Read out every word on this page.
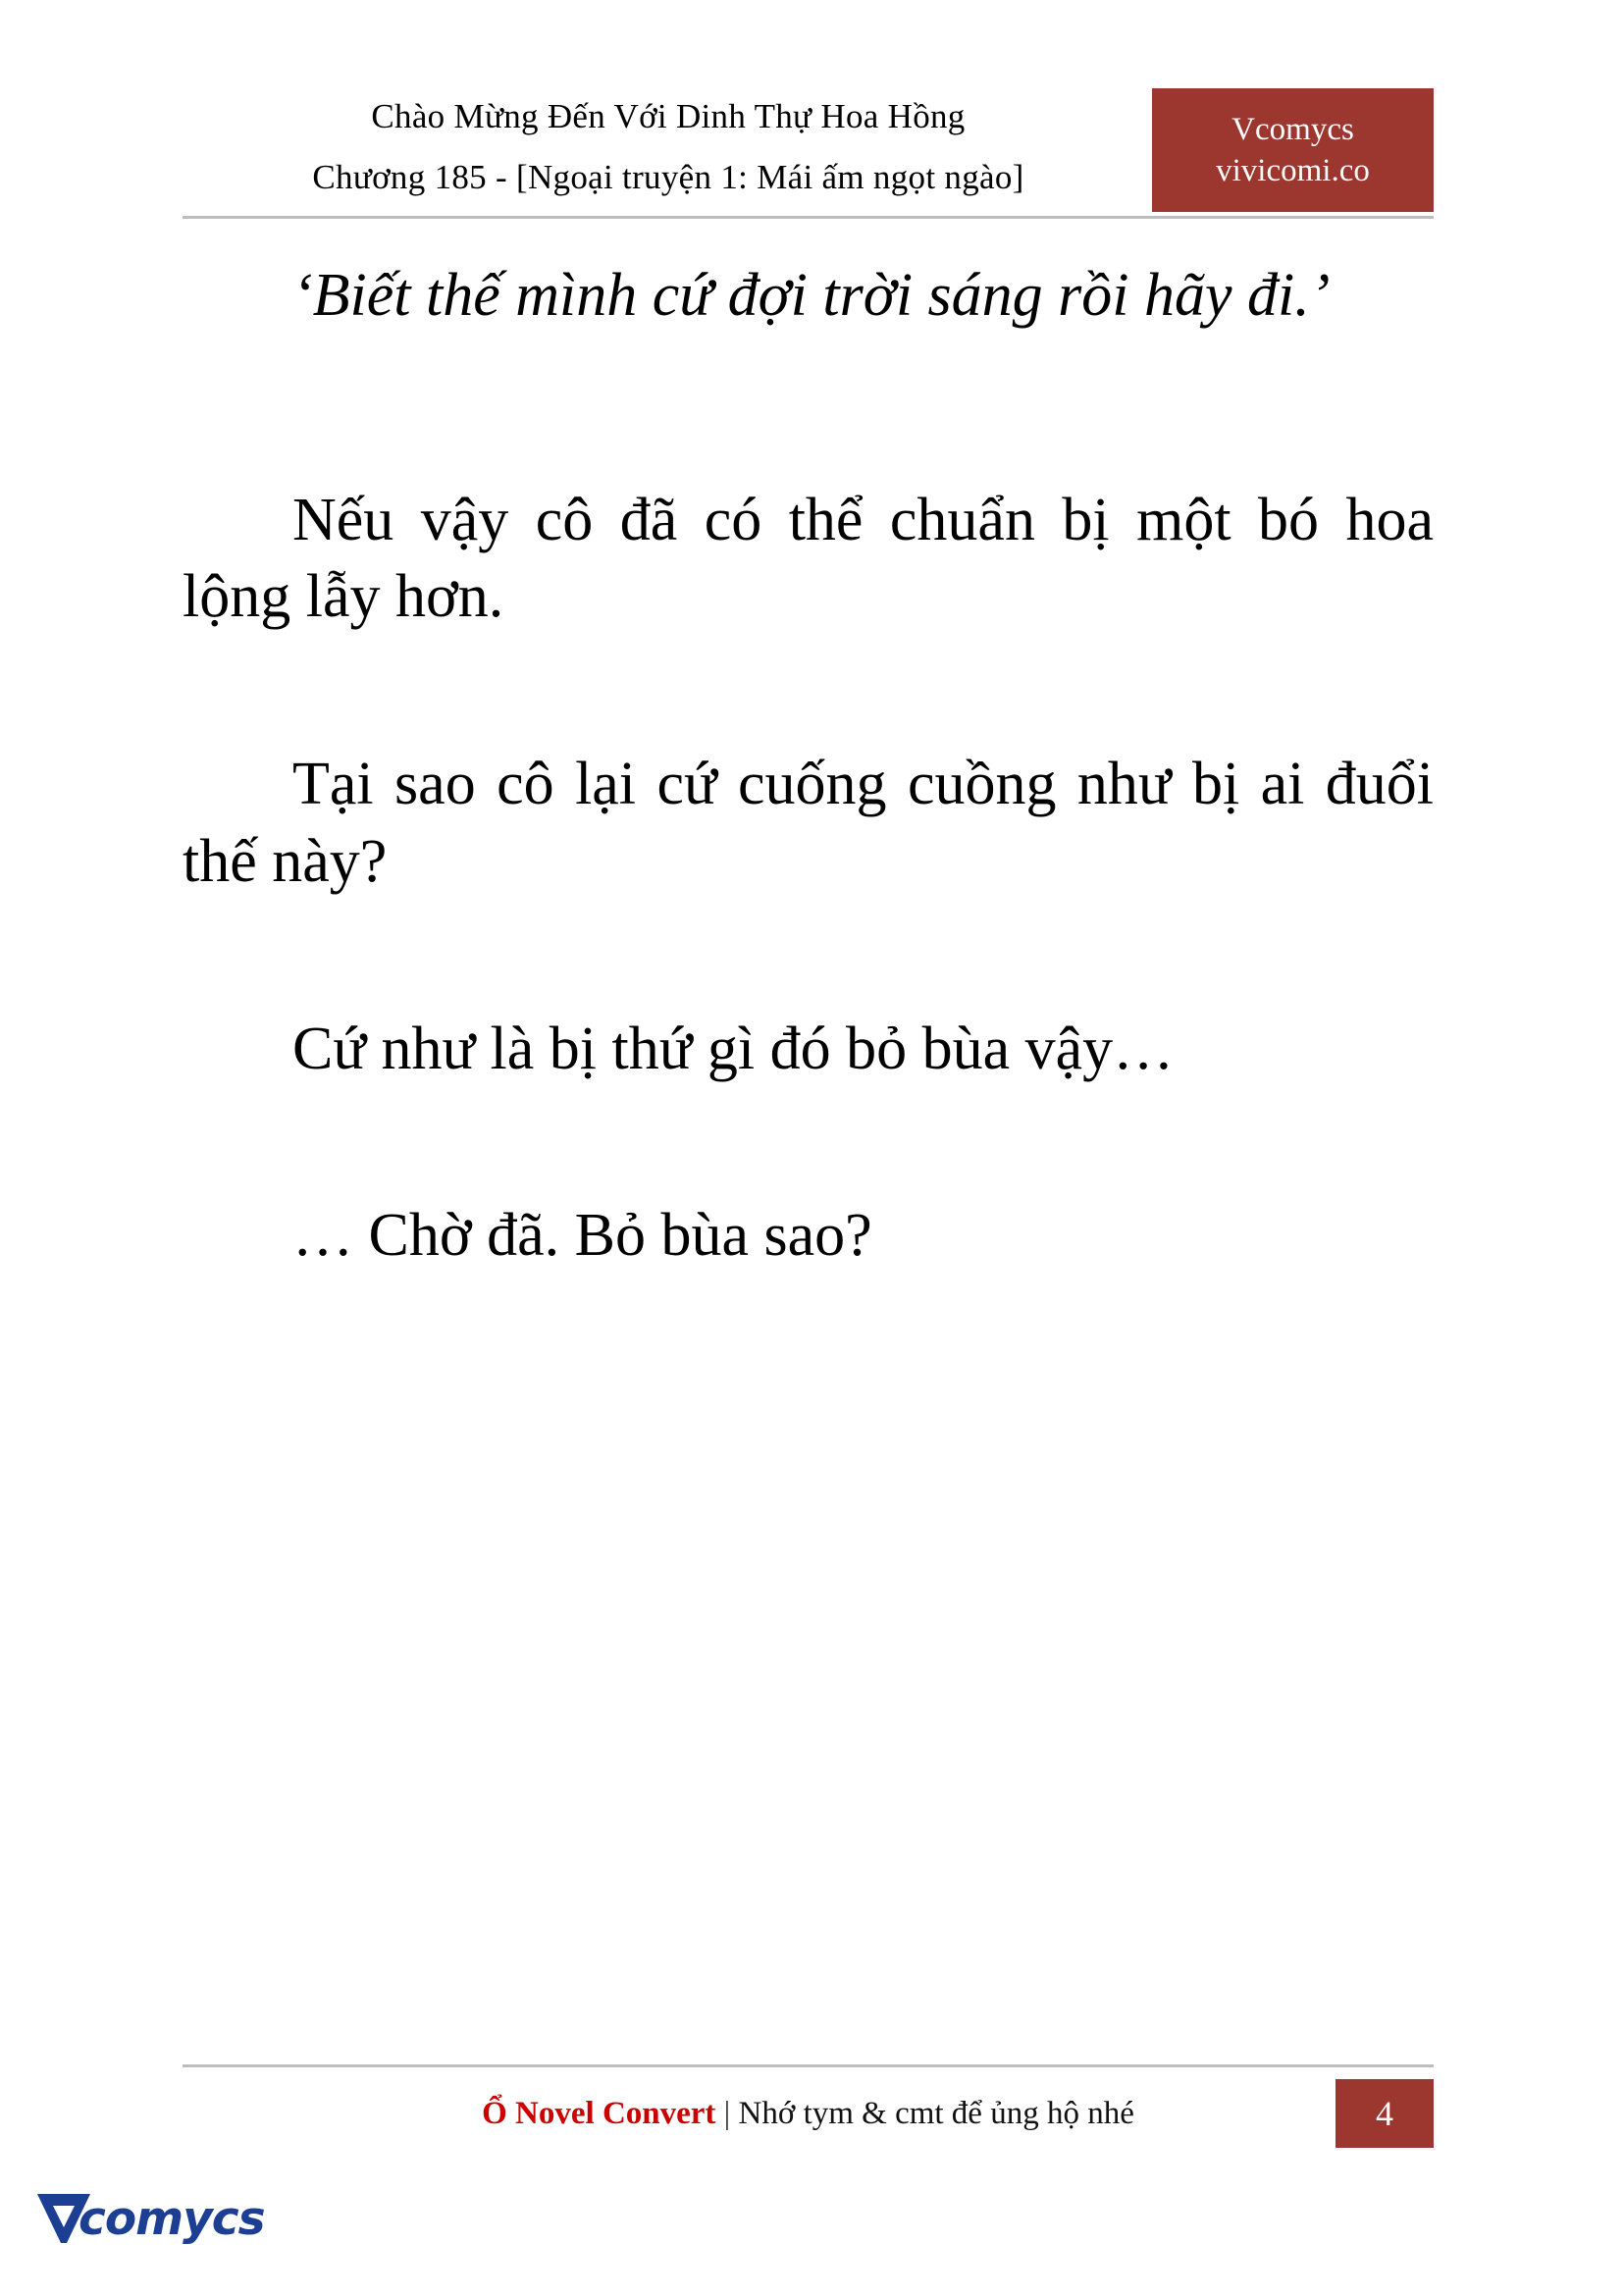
Chào Mừng Đến Với Dinh Thự Hoa Hồng
Chương 185 - [Ngoại truyện 1: Mái ấm ngọt ngào]
Vcomycs
vivicomi.co

‘Biết thế mình cứ đợi trời sáng rồi hãy đi.’

Nếu vậy cô đã có thể chuẩn bị một bó hoa lộng lẫy hơn.

Tại sao cô lại cứ cuống cuồng như bị ai đuổi thế này?

Cứ như là bị thứ gì đó bỏ bùa vậy…

… Chờ đã. Bỏ bùa sao?

Ổ Novel Convert | Nhớ tym & cmt để ủng hộ nhé	4
comycs
